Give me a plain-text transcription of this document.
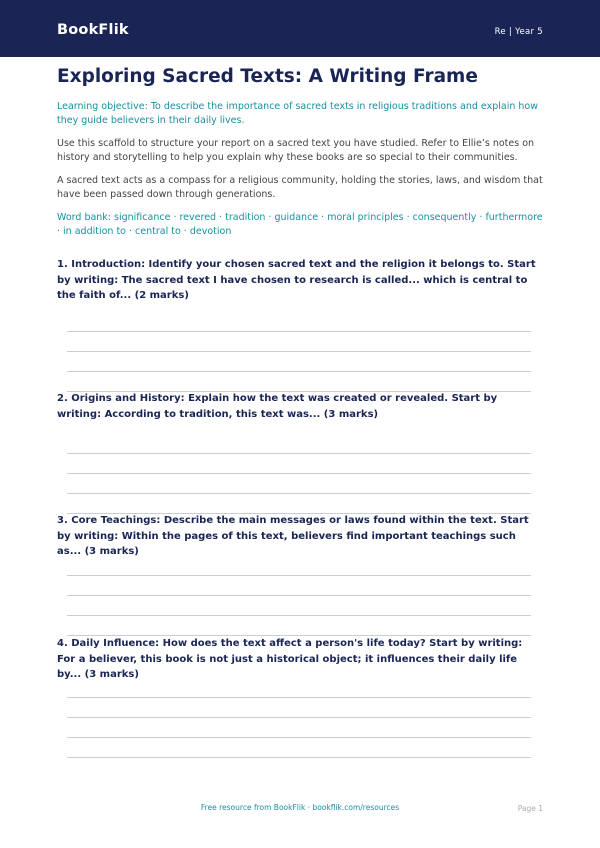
BookFlik	Re | Year 5
Exploring Sacred Texts: A Writing Frame

Learning objective: To describe the importance of sacred texts in religious traditions and explain how they guide believers in their daily lives.

Use this scaffold to structure your report on a sacred text you have studied. Refer to Ellie’s notes on history and storytelling to help you explain why these books are so special to their communities.

A sacred text acts as a compass for a religious community, holding the stories, laws, and wisdom that have been passed down through generations.

Word bank: significance · revered · tradition · guidance · moral principles · consequently · furthermore · in addition to · central to · devotion

1. Introduction: Identify your chosen sacred text and the religion it belongs to. Start by writing: The sacred text I have chosen to research is called... which is central to the faith of... (2 marks)

2. Origins and History: Explain how the text was created or revealed. Start by writing: According to tradition, this text was... (3 marks)

3. Core Teachings: Describe the main messages or laws found within the text. Start by writing: Within the pages of this text, believers find important teachings such as... (3 marks)

4. Daily Influence: How does the text affect a person's life today? Start by writing: For a believer, this book is not just a historical object; it influences their daily life by... (3 marks)

Free resource from BookFlik · bookflik.com/resources	Page 1
